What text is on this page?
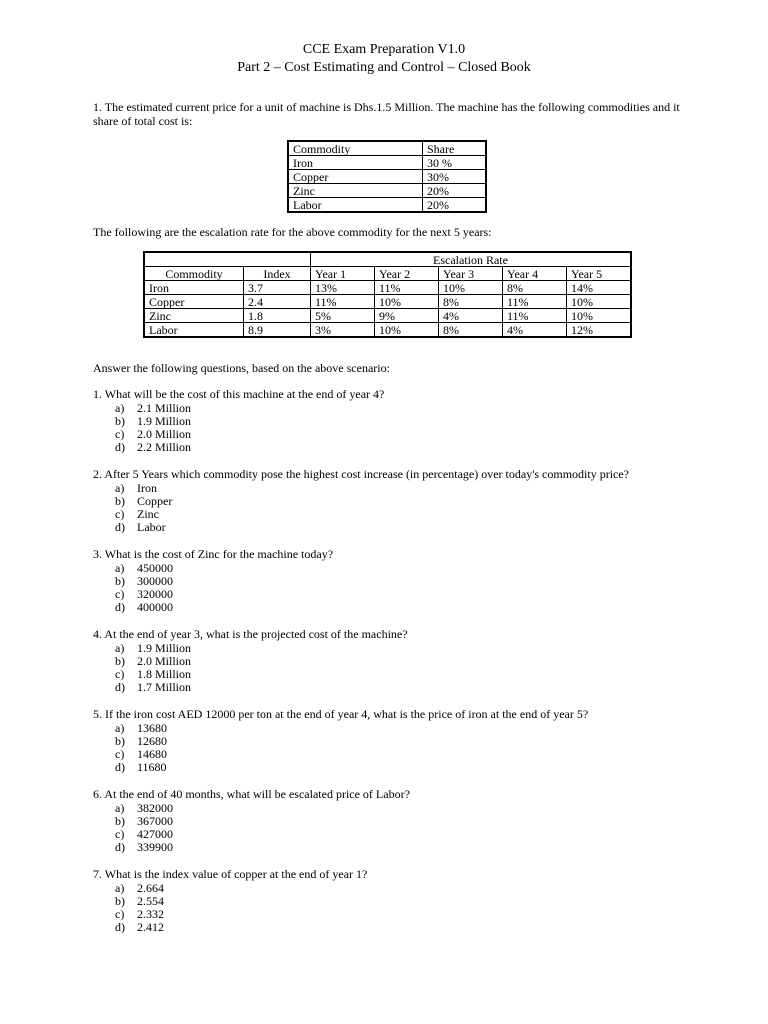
CCE Exam Preparation V1.0
Part 2 – Cost Estimating and Control – Closed Book
1. The estimated current price for a unit of machine is Dhs.1.5 Million. The machine has the following commodities and it share of total cost is:
Commodity	Share
Iron	30 %
Copper	30%
Zinc	20%
Labor	20%
The following are the escalation rate for the above commodity for the next 5 years:
		Escalation Rate				
Commodity	Index	Year 1	Year 2	Year 3	Year 4	Year 5
Iron	3.7	13%	11%	10%	8%	14%
Copper	2.4	11%	10%	8%	11%	10%
Zinc	1.8	5%	9%	4%	11%	10%
Labor	8.9	3%	10%	8%	4%	12%
Answer the following questions, based on the above scenario:
1. What will be the cost of this machine at the end of year 4?
a) 2.1 Million
b) 1.9 Million
c) 2.0 Million
d) 2.2 Million
2. After 5 Years which commodity pose the highest cost increase (in percentage) over today's commodity price?
a) Iron
b) Copper
c) Zinc
d) Labor
3. What is the cost of Zinc for the machine today?
a) 450000
b) 300000
c) 320000
d) 400000
4. At the end of year 3, what is the projected cost of the machine?
a) 1.9 Million
b) 2.0 Million
c) 1.8 Million
d) 1.7 Million
5. If the iron cost AED 12000 per ton at the end of year 4, what is the price of iron at the end of year 5?
a) 13680
b) 12680
c) 14680
d) 11680
6. At the end of 40 months, what will be escalated price of Labor?
a) 382000
b) 367000
c) 427000
d) 339900
7. What is the index value of copper at the end of year 1?
a) 2.664
b) 2.554
c) 2.332
d) 2.412
